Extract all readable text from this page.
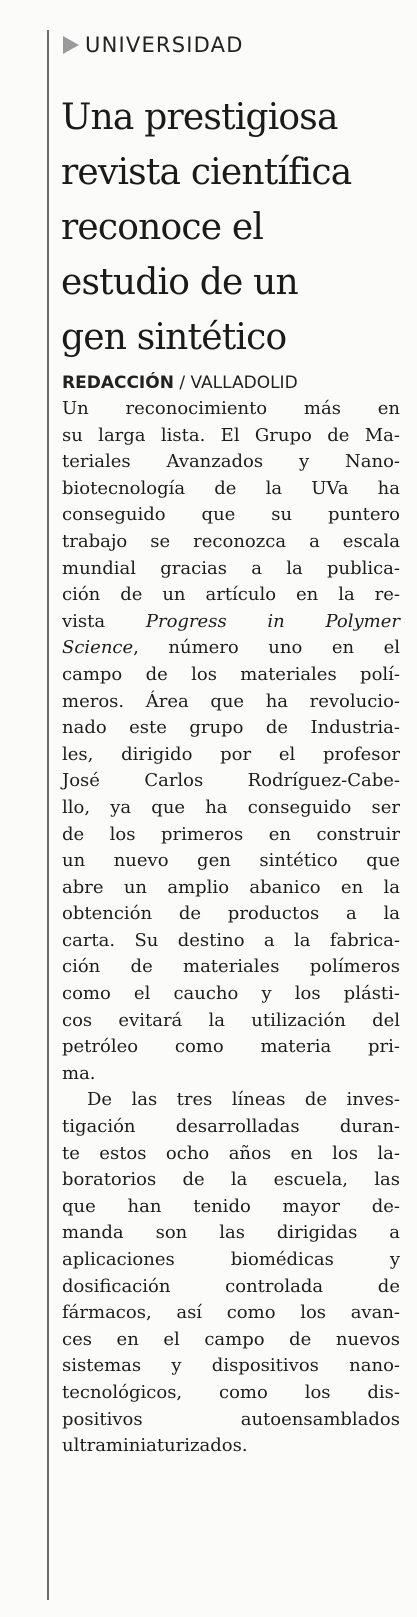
UNIVERSIDAD
Una prestigiosa
revista científica
reconoce el
estudio de un
gen sintético
REDACCIÓN / VALLADOLID
Un reconocimiento más en
su larga lista. El Grupo de Ma-
teriales Avanzados y Nano-
biotecnología de la UVa ha
conseguido que su puntero
trabajo se reconozca a escala
mundial gracias a la publica-
ción de un artículo en la re-
vista Progress in Polymer
Science, número uno en el
campo de los materiales polí-
meros. Área que ha revolucio-
nado este grupo de Industria-
les, dirigido por el profesor
José Carlos Rodríguez-Cabe-
llo, ya que ha conseguido ser
de los primeros en construir
un nuevo gen sintético que
abre un amplio abanico en la
obtención de productos a la
carta. Su destino a la fabrica-
ción de materiales polímeros
como el caucho y los plásti-
cos evitará la utilización del
petróleo como materia pri-
ma.
De las tres líneas de inves-
tigación desarrolladas duran-
te estos ocho años en los la-
boratorios de la escuela, las
que han tenido mayor de-
manda son las dirigidas a
aplicaciones biomédicas y
dosificación controlada de
fármacos, así como los avan-
ces en el campo de nuevos
sistemas y dispositivos nano-
tecnológicos, como los dis-
positivos autoensamblados
ultraminiaturizados.
